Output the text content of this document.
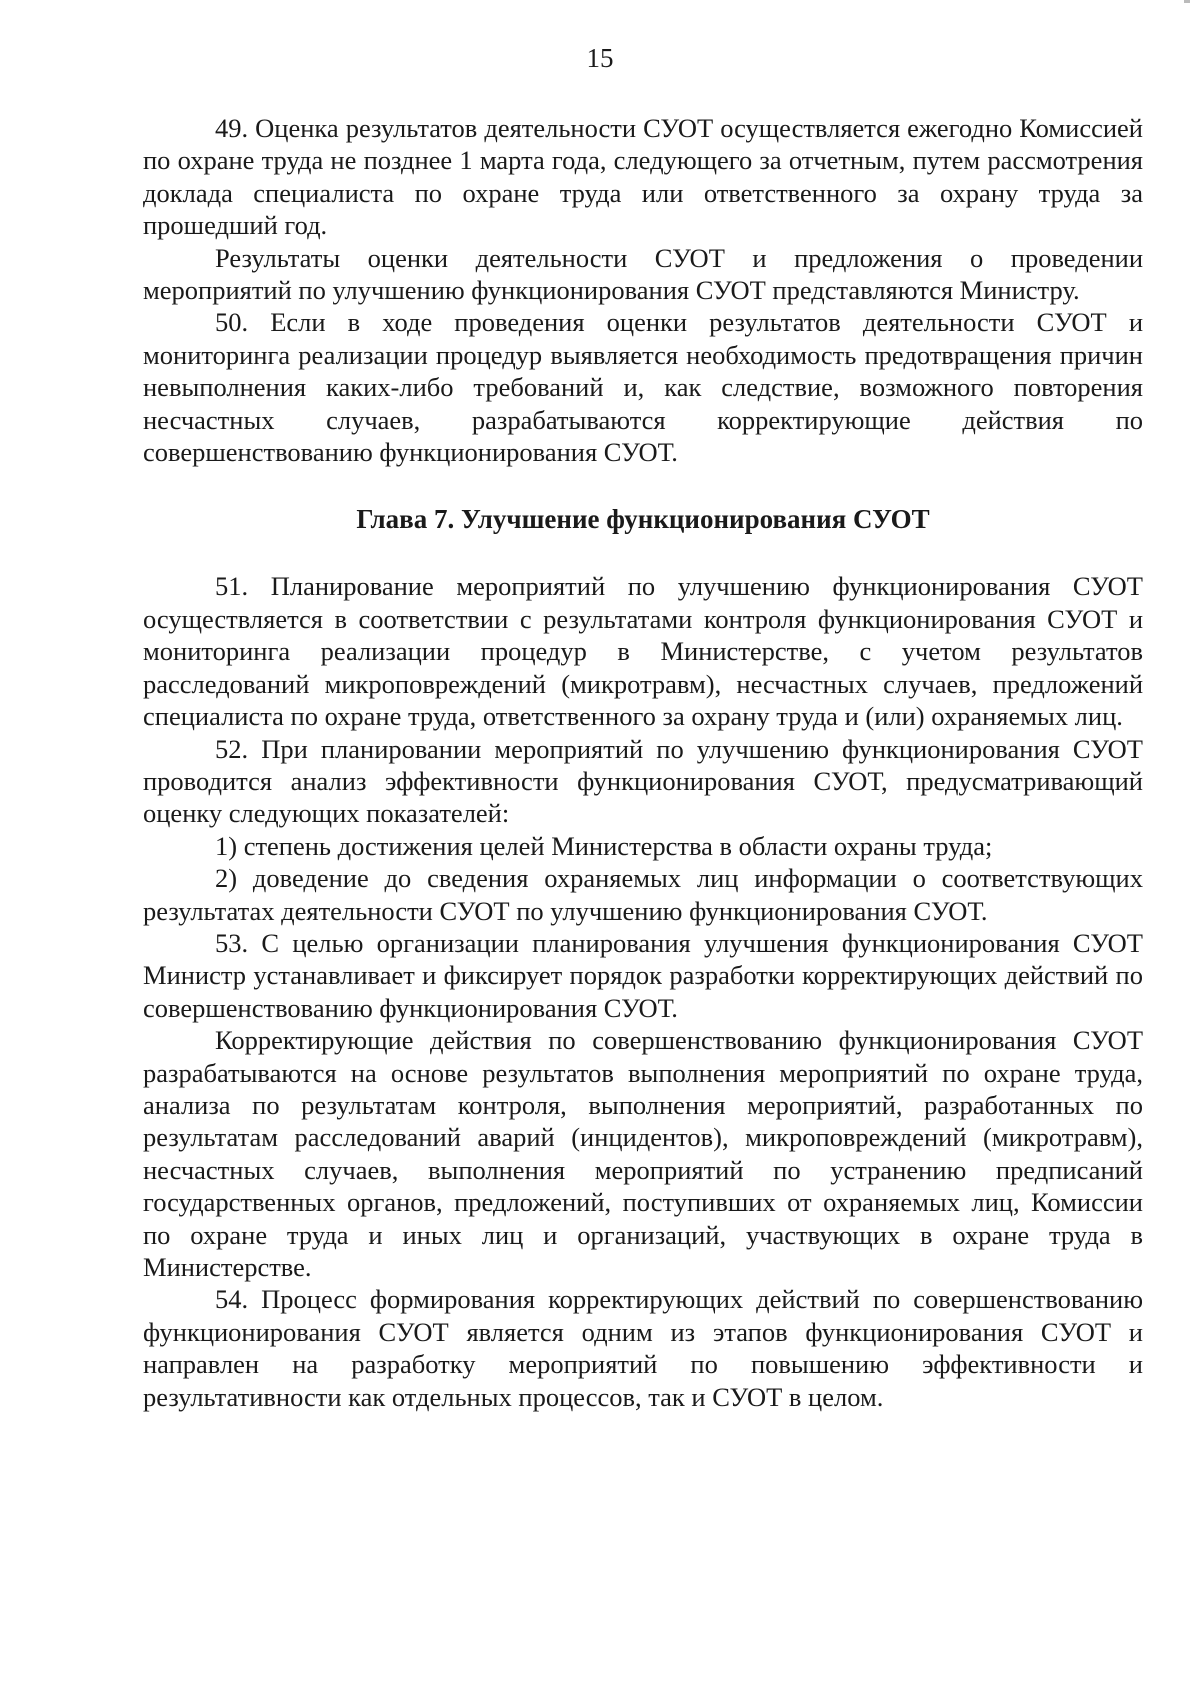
15

49. Оценка результатов деятельности СУОТ осуществляется ежегодно Комиссией по охране труда не позднее 1 марта года, следующего за отчетным, путем рассмотрения доклада специалиста по охране труда или ответственного за охрану труда за прошедший год.

Результаты оценки деятельности СУОТ и предложения о проведении мероприятий по улучшению функционирования СУОТ представляются Министру.

50. Если в ходе проведения оценки результатов деятельности СУОТ и мониторинга реализации процедур выявляется необходимость предотвращения причин невыполнения каких-либо требований и, как следствие, возможного повторения несчастных случаев, разрабатываются корректирующие действия по совершенствованию функционирования СУОТ.

Глава 7. Улучшение функционирования СУОТ

51. Планирование мероприятий по улучшению функционирования СУОТ осуществляется в соответствии с результатами контроля функционирования СУОТ и мониторинга реализации процедур в Министерстве, с учетом результатов расследований микроповреждений (микротравм), несчастных случаев, предложений специалиста по охране труда, ответственного за охрану труда и (или) охраняемых лиц.

52. При планировании мероприятий по улучшению функционирования СУОТ проводится анализ эффективности функционирования СУОТ, предусматривающий оценку следующих показателей:

1) степень достижения целей Министерства в области охраны труда;

2) доведение до сведения охраняемых лиц информации о соответствующих результатах деятельности СУОТ по улучшению функционирования СУОТ.

53. С целью организации планирования улучшения функционирования СУОТ Министр устанавливает и фиксирует порядок разработки корректирующих действий по совершенствованию функционирования СУОТ.

Корректирующие действия по совершенствованию функционирования СУОТ разрабатываются на основе результатов выполнения мероприятий по охране труда, анализа по результатам контроля, выполнения мероприятий, разработанных по результатам расследований аварий (инцидентов), микроповреждений (микротравм), несчастных случаев, выполнения мероприятий по устранению предписаний государственных органов, предложений, поступивших от охраняемых лиц, Комиссии по охране труда и иных лиц и организаций, участвующих в охране труда в Министерстве.

54. Процесс формирования корректирующих действий по совершенствованию функционирования СУОТ является одним из этапов функционирования СУОТ и направлен на разработку мероприятий по повышению эффективности и результативности как отдельных процессов, так и СУОТ в целом.
